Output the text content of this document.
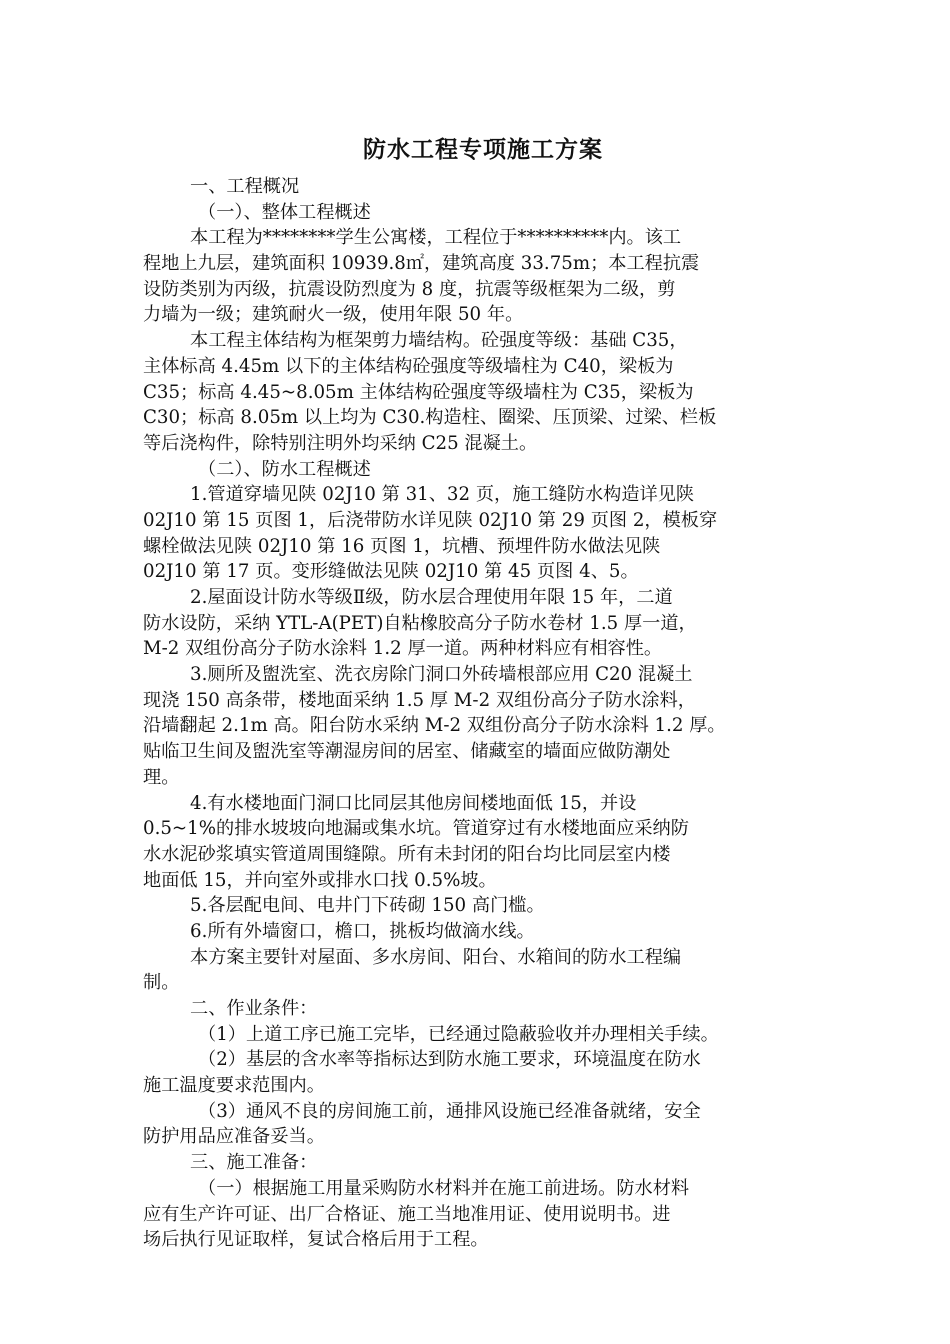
防水工程专项施工方案
一、工程概况
（一）、整体工程概述
本工程为********学生公寓楼，工程位于**********内。该工
程地上九层，建筑面积 10939.8㎡，建筑高度 33.75m；本工程抗震
设防类别为丙级，抗震设防烈度为 8 度，抗震等级框架为二级，剪
力墙为一级；建筑耐火一级，使用年限 50 年。
本工程主体结构为框架剪力墙结构。砼强度等级：基础 C35，
主体标高 4.45m 以下的主体结构砼强度等级墙柱为 C40，梁板为
C35；标高 4.45~8.05m 主体结构砼强度等级墙柱为 C35，梁板为
C30；标高 8.05m 以上均为 C30.构造柱、圈梁、压顶梁、过梁、栏板
等后浇构件，除特别注明外均采纳 C25 混凝土。
（二）、防水工程概述
1.管道穿墙见陕 02J10 第 31、32 页，施工缝防水构造详见陕
02J10 第 15 页图 1，后浇带防水详见陕 02J10 第 29 页图 2，模板穿
螺栓做法见陕 02J10 第 16 页图 1，坑槽、预埋件防水做法见陕
02J10 第 17 页。变形缝做法见陕 02J10 第 45 页图 4、5。
2.屋面设计防水等级Ⅱ级，防水层合理使用年限 15 年，二道
防水设防，采纳 YTL-A(PET)自粘橡胶高分子防水卷材 1.5 厚一道，
M-2 双组份高分子防水涂料 1.2 厚一道。两种材料应有相容性。
3.厕所及盥洗室、洗衣房除门洞口外砖墙根部应用 C20 混凝土
现浇 150 高条带，楼地面采纳 1.5 厚 M-2 双组份高分子防水涂料，
沿墙翻起 2.1m 高。阳台防水采纳 M-2 双组份高分子防水涂料 1.2 厚。
贴临卫生间及盥洗室等潮湿房间的居室、储藏室的墙面应做防潮处
理。
4.有水楼地面门洞口比同层其他房间楼地面低 15，并设
0.5~1%的排水坡坡向地漏或集水坑。管道穿过有水楼地面应采纳防
水水泥砂浆填实管道周围缝隙。所有未封闭的阳台均比同层室内楼
地面低 15，并向室外或排水口找 0.5%坡。
5.各层配电间、电井门下砖砌 150 高门槛。
6.所有外墙窗口，檐口，挑板均做滴水线。
本方案主要针对屋面、多水房间、阳台、水箱间的防水工程编
制。
二、作业条件：
（1）上道工序已施工完毕，已经通过隐蔽验收并办理相关手续。
（2）基层的含水率等指标达到防水施工要求，环境温度在防水
施工温度要求范围内。
（3）通风不良的房间施工前，通排风设施已经准备就绪，安全
防护用品应准备妥当。
三、施工准备：
（一）根据施工用量采购防水材料并在施工前进场。防水材料
应有生产许可证、出厂合格证、施工当地准用证、使用说明书。进
场后执行见证取样，复试合格后用于工程。
